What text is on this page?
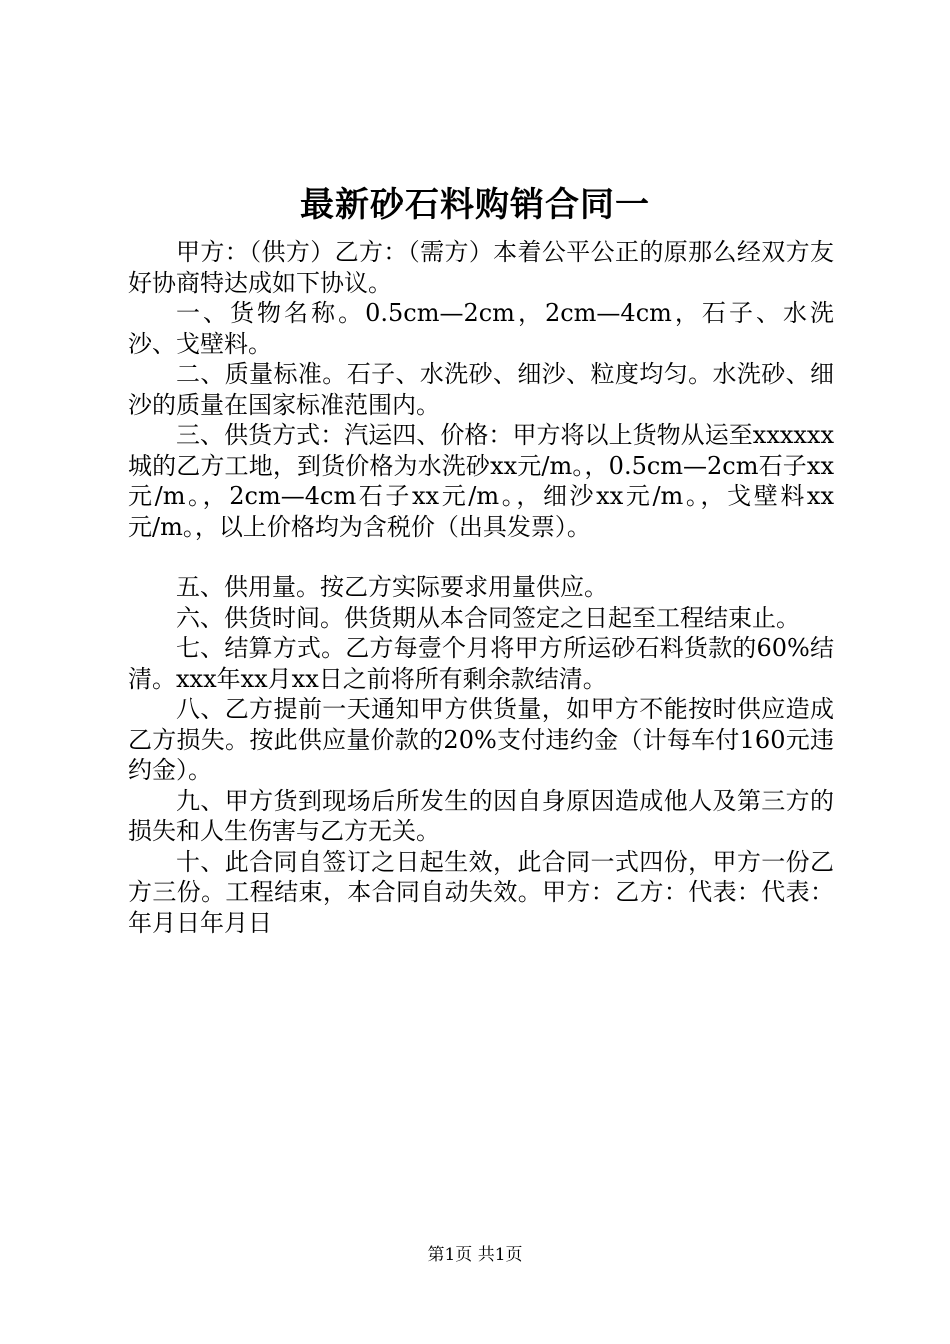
最新砂石料购销合同一

甲方：（供方）乙方：（需方）本着公平公正的原那么经双方友好协商特达成如下协议。

一、货物名称。0.5cm—2cm，2cm—4cm，石子、水洗沙、戈壁料。

二、质量标准。石子、水洗砂、细沙、粒度均匀。水洗砂、细沙的质量在国家标准范围内。

三、供货方式：汽运四、价格：甲方将以上货物从运至xxxxxx城的乙方工地，到货价格为水洗砂xx元/m。，0.5cm—2cm石子xx元/m。，2cm—4cm石子xx元/m。，细沙xx元/m。，戈壁料xx元/m。，以上价格均为含税价（出具发票）。

五、供用量。按乙方实际要求用量供应。

六、供货时间。供货期从本合同签定之日起至工程结束止。

七、结算方式。乙方每壹个月将甲方所运砂石料货款的60%结清。xxx年xx月xx日之前将所有剩余款结清。

八、乙方提前一天通知甲方供货量，如甲方不能按时供应造成乙方损失。按此供应量价款的20%支付违约金（计每车付160元违约金）。

九、甲方货到现场后所发生的因自身原因造成他人及第三方的损失和人生伤害与乙方无关。

十、此合同自签订之日起生效，此合同一式四份，甲方一份乙方三份。工程结束，本合同自动失效。甲方：乙方：代表：代表：年月日年月日

第1页 共1页
